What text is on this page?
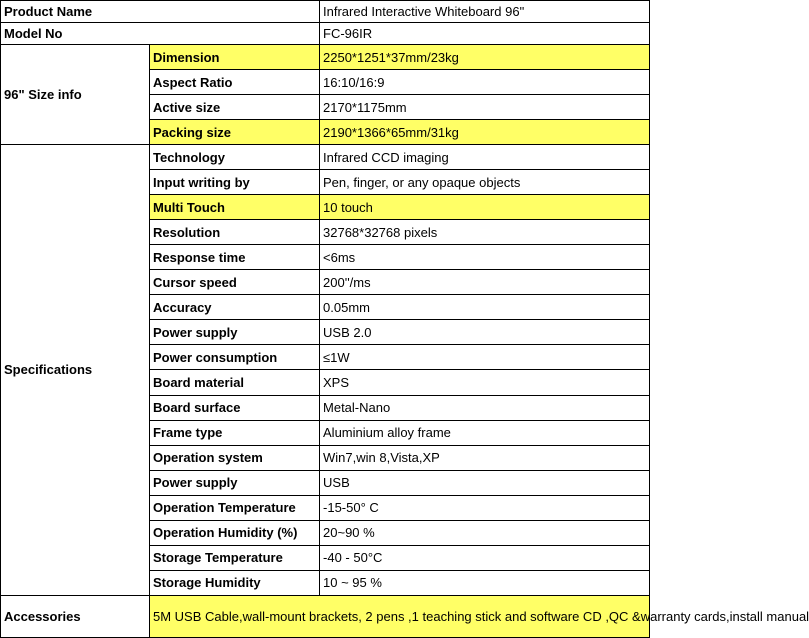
Product Name		Infrared Interactive Whiteboard 96"
Model No		FC-96IR
96" Size info	Dimension	2250*1251*37mm/23kg
	Aspect Ratio	16:10/16:9
	Active size	2170*1175mm
	Packing size	2190*1366*65mm/31kg
Specifications	Technology	Infrared CCD imaging
	Input writing by	Pen, finger, or any opaque objects
	Multi Touch	10 touch
	Resolution	32768*32768 pixels
	Response time	<6ms
	Cursor speed	200''/ms
	Accuracy	0.05mm
	Power supply	USB 2.0
	Power consumption	≤1W
	Board material	XPS
	Board surface	Metal-Nano
	Frame type	Aluminium alloy frame
	Operation system	Win7,win 8,Vista,XP
	Power supply	USB
	Operation Temperature	-15-50° C
	Operation Humidity (%)	20~90 %
	Storage Temperature	-40 - 50°C
	Storage Humidity	10 ~ 95 %
Accessories	5M USB Cable,wall-mount brackets, 2 pens ,1 teaching stick and software CD ,QC &warranty cards,install manual	
